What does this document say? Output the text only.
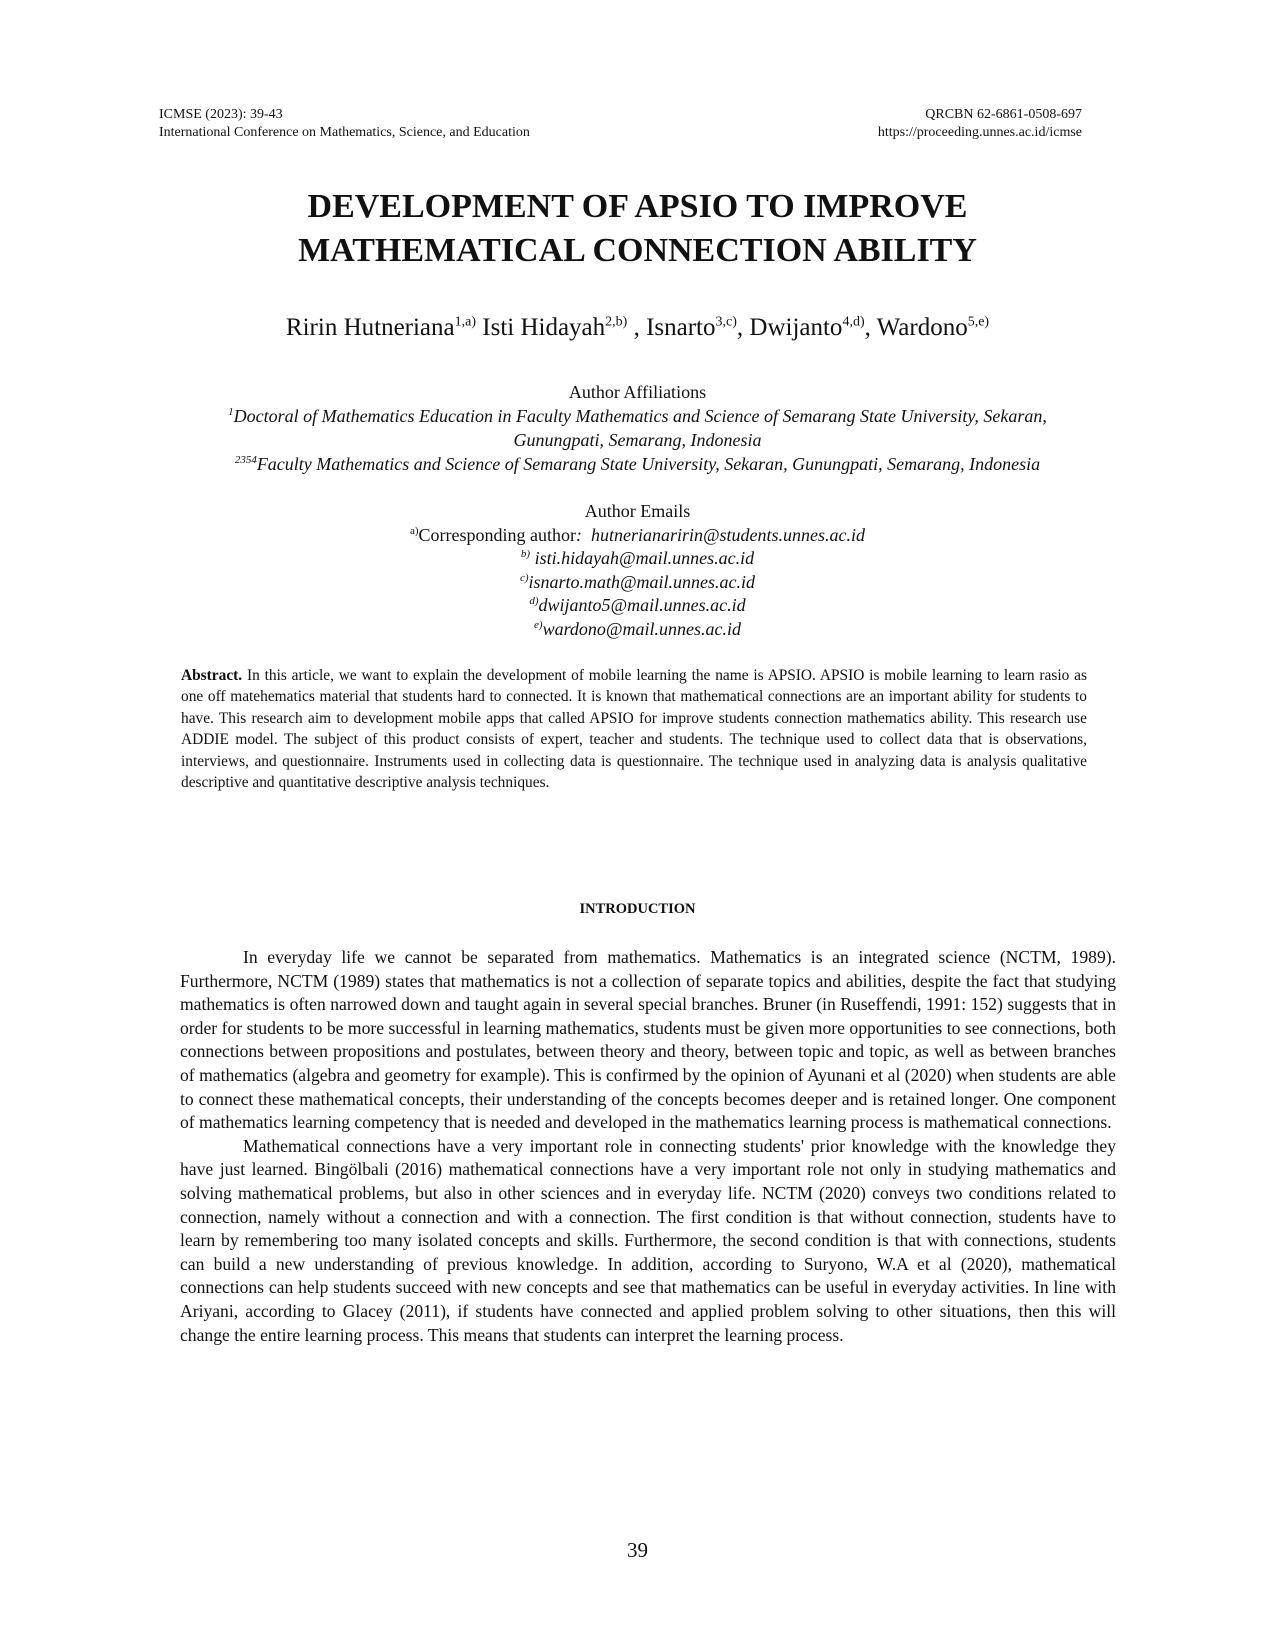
ICMSE (2023): 39-43
International Conference on Mathematics, Science, and Education
QRCBN 62-6861-0508-697
https://proceeding.unnes.ac.id/icmse
DEVELOPMENT OF APSIO TO IMPROVE
MATHEMATICAL CONNECTION ABILITY
Ririn Hutneriana$^{1,a)}$ Isti Hidayah$^{2,b)}$ , Isnarto$^{3,c)}$, Dwijanto$^{4,d)}$, Wardono$^{5,e)}$
Author Affiliations
$^1$Doctoral of Mathematics Education in Faculty Mathematics and Science of Semarang State University, Sekaran,
Gunungpati, Semarang, Indonesia
$^{2354}$Faculty Mathematics and Science of Semarang State University, Sekaran, Gunungpati, Semarang, Indonesia
Author Emails
$^{a)}$Corresponding author: hutnerianaririn@students.unnes.ac.id
$^{b)}$ isti.hidayah@mail.unnes.ac.id
$^{c)}$isnarto.math@mail.unnes.ac.id
$^{d)}$dwijanto5@mail.unnes.ac.id
$^{e)}$wardono@mail.unnes.ac.id
Abstract. In this article, we want to explain the development of mobile learning the name is APSIO. APSIO is mobile learning to learn rasio as one off matehematics material that students hard to connected. It is known that mathematical connections are an important ability for students to have. This research aim to development mobile apps that called APSIO for improve students connection mathematics ability. This research use ADDIE model. The subject of this product consists of expert, teacher and students. The technique used to collect data that is observations, interviews, and questionnaire. Instruments used in collecting data is questionnaire. The technique used in analyzing data is analysis qualitative descriptive and quantitative descriptive analysis techniques.
INTRODUCTION

In everyday life we cannot be separated from mathematics. Mathematics is an integrated science (NCTM, 1989). Furthermore, NCTM (1989) states that mathematics is not a collection of separate topics and abilities, despite the fact that studying mathematics is often narrowed down and taught again in several special branches. Bruner (in Ruseffendi, 1991: 152) suggests that in order for students to be more successful in learning mathematics, students must be given more opportunities to see connections, both connections between propositions and postulates, between theory and theory, between topic and topic, as well as between branches of mathematics (algebra and geometry for example). This is confirmed by the opinion of Ayunani et al (2020) when students are able to connect these mathematical concepts, their understanding of the concepts becomes deeper and is retained longer. One component of mathematics learning competency that is needed and developed in the mathematics learning process is mathematical connections.

Mathematical connections have a very important role in connecting students' prior knowledge with the knowledge they have just learned. Bingölbali (2016) mathematical connections have a very important role not only in studying mathematics and solving mathematical problems, but also in other sciences and in everyday life. NCTM (2020) conveys two conditions related to connection, namely without a connection and with a connection. The first condition is that without connection, students have to learn by remembering too many isolated concepts and skills. Furthermore, the second condition is that with connections, students can build a new understanding of previous knowledge. In addition, according to Suryono, W.A et al (2020), mathematical connections can help students succeed with new concepts and see that mathematics can be useful in everyday activities. In line with Ariyani, according to Glacey (2011), if students have connected and applied problem solving to other situations, then this will change the entire learning process. This means that students can interpret the learning process.

39
